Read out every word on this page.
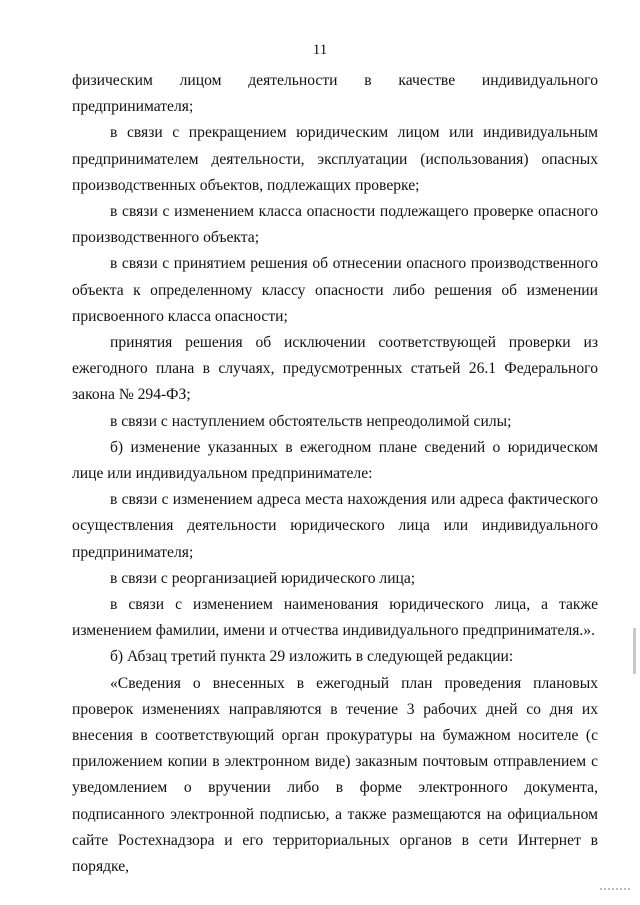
11

физическим лицом деятельности в качестве индивидуального предпринимателя;

в связи с прекращением юридическим лицом или индивидуальным предпринимателем деятельности, эксплуатации (использования) опасных производственных объектов, подлежащих проверке;

в связи с изменением класса опасности подлежащего проверке опасного производственного объекта;

в связи с принятием решения об отнесении опасного производственного объекта к определенному классу опасности либо решения об изменении присвоенного класса опасности;

принятия решения об исключении соответствующей проверки из ежегодного плана в случаях, предусмотренных статьей 26.1 Федерального закона № 294-ФЗ;

в связи с наступлением обстоятельств непреодолимой силы;

б) изменение указанных в ежегодном плане сведений о юридическом лице или индивидуальном предпринимателе:

в связи с изменением адреса места нахождения или адреса фактического осуществления деятельности юридического лица или индивидуального предпринимателя;

в связи с реорганизацией юридического лица;

в связи с изменением наименования юридического лица, а также изменением фамилии, имени и отчества индивидуального предпринимателя.».

б) Абзац третий пункта 29 изложить в следующей редакции:

«Сведения о внесенных в ежегодный план проведения плановых проверок изменениях направляются в течение 3 рабочих дней со дня их внесения в соответствующий орган прокуратуры на бумажном носителе (с приложением копии в электронном виде) заказным почтовым отправлением с уведомлением о вручении либо в форме электронного документа, подписанного электронной подписью, а также размещаются на официальном сайте Ростехнадзора и его территориальных органов в сети Интернет в порядке,
